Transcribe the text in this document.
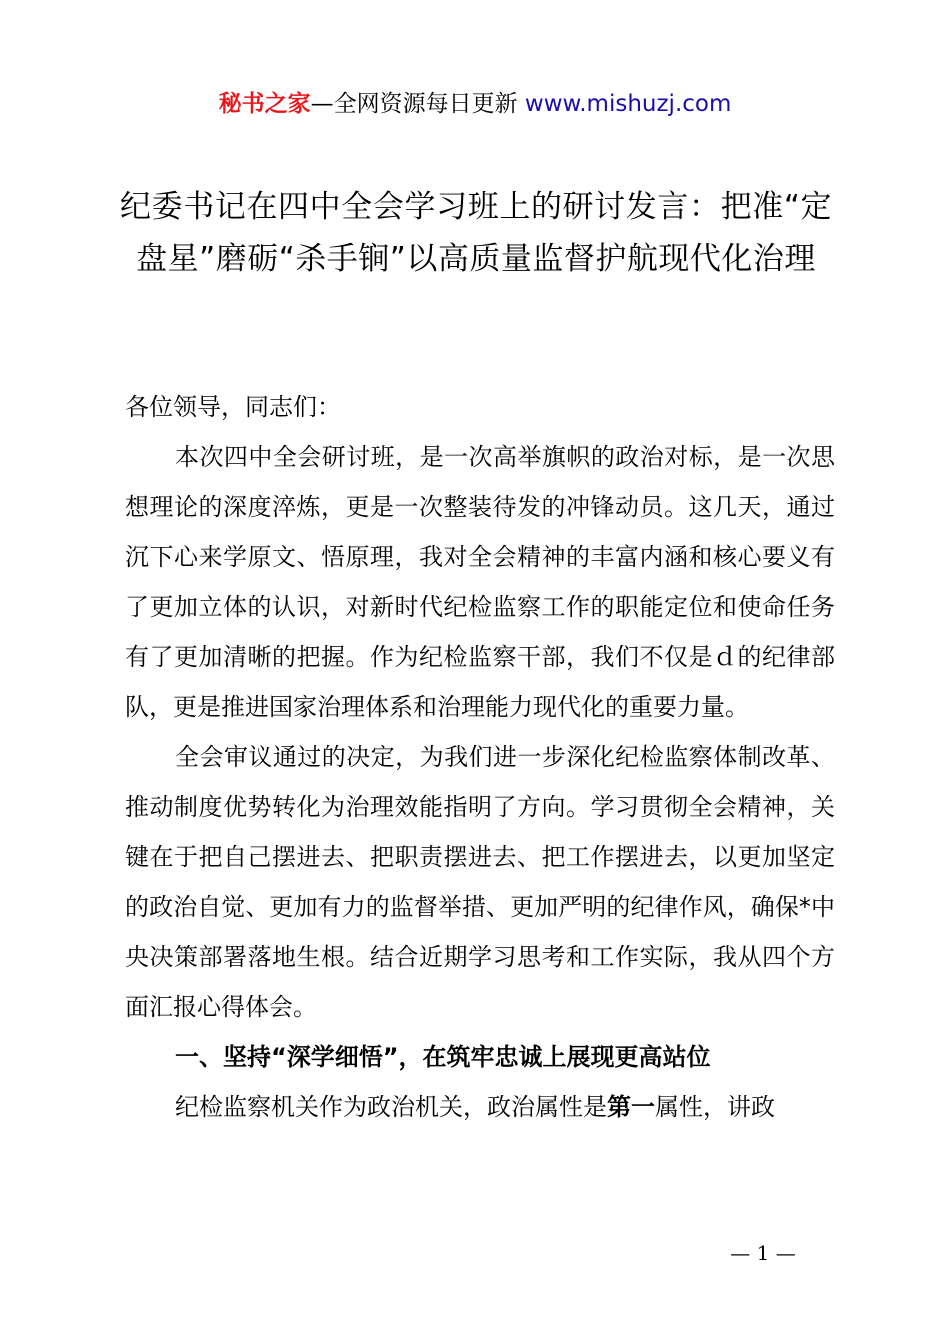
秘书之家—全网资源每日更新 www.mishuzj.com
纪委书记在四中全会学习班上的研讨发言：把准“定盘星”磨砺“杀手锏”以高质量监督护航现代化治理

各位领导，同志们：

本次四中全会研讨班，是一次高举旗帜的政治对标，是一次思想理论的深度淬炼，更是一次整装待发的冲锋动员。这几天，通过沉下心来学原文、悟原理，我对全会精神的丰富内涵和核心要义有了更加立体的认识，对新时代纪检监察工作的职能定位和使命任务有了更加清晰的把握。作为纪检监察干部，我们不仅是ｄ的纪律部队，更是推进国家治理体系和治理能力现代化的重要力量。

全会审议通过的决定，为我们进一步深化纪检监察体制改革、推动制度优势转化为治理效能指明了方向。学习贯彻全会精神，关键在于把自己摆进去、把职责摆进去、把工作摆进去，以更加坚定的政治自觉、更加有力的监督举措、更加严明的纪律作风，确保*中央决策部署落地生根。结合近期学习思考和工作实际，我从四个方面汇报心得体会。

一、坚持“深学细悟”，在筑牢忠诚上展现更高站位

纪检监察机关作为政治机关，政治属性是第一属性，讲政

— 1 —
